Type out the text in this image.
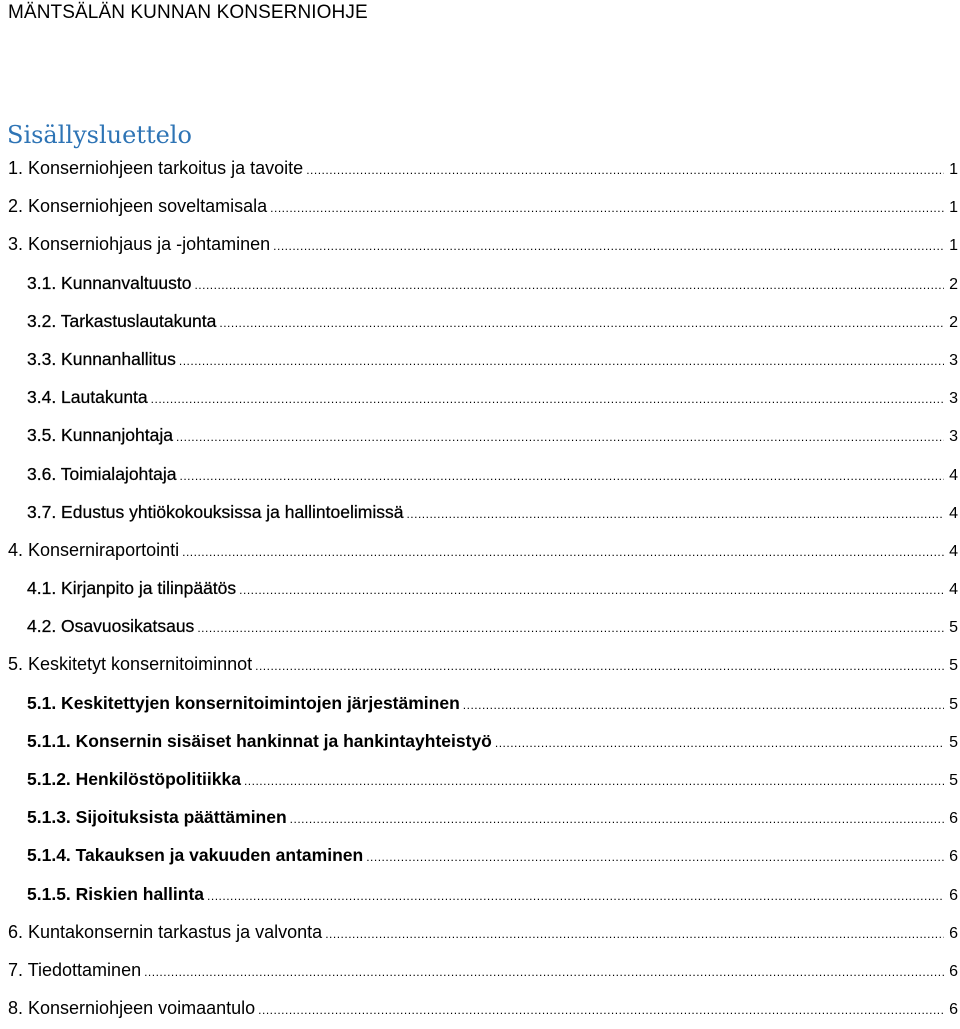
MÄNTSÄLÄN KUNNAN KONSERNIOHJE
Sisällysluettelo
1. Konserniohjeen tarkoitus ja tavoite .....	1
2. Konserniohjeen soveltamisala .....	1
3. Konserniohjaus ja -johtaminen .....	1
3.1. Kunnanvaltuusto .....	2
3.2. Tarkastuslautakunta .....	2
3.3. Kunnanhallitus .....	3
3.4. Lautakunta .....	3
3.5. Kunnanjohtaja .....	3
3.6. Toimialajohtaja .....	4
3.7. Edustus yhtiökokouksissa ja hallintoelimissä .....	4
4. Konserniraportointi .....	4
4.1. Kirjanpito ja tilinpäätös .....	4
4.2. Osavuosikatsaus .....	5
5. Keskitetyt konsernitoiminnot .....	5
5.1. Keskitettyjen konsernitoimintojen järjestäminen .....	5
5.1.1. Konsernin sisäiset hankinnat ja hankintayhteistyö .....	5
5.1.2. Henkilöstöpolitiikka .....	5
5.1.3. Sijoituksista päättäminen .....	6
5.1.4. Takauksen ja vakuuden antaminen .....	6
5.1.5. Riskien hallinta .....	6
6. Kuntakonsernin tarkastus ja valvonta .....	6
7. Tiedottaminen .....	6
8. Konserniohjeen voimaantulo .....	6
